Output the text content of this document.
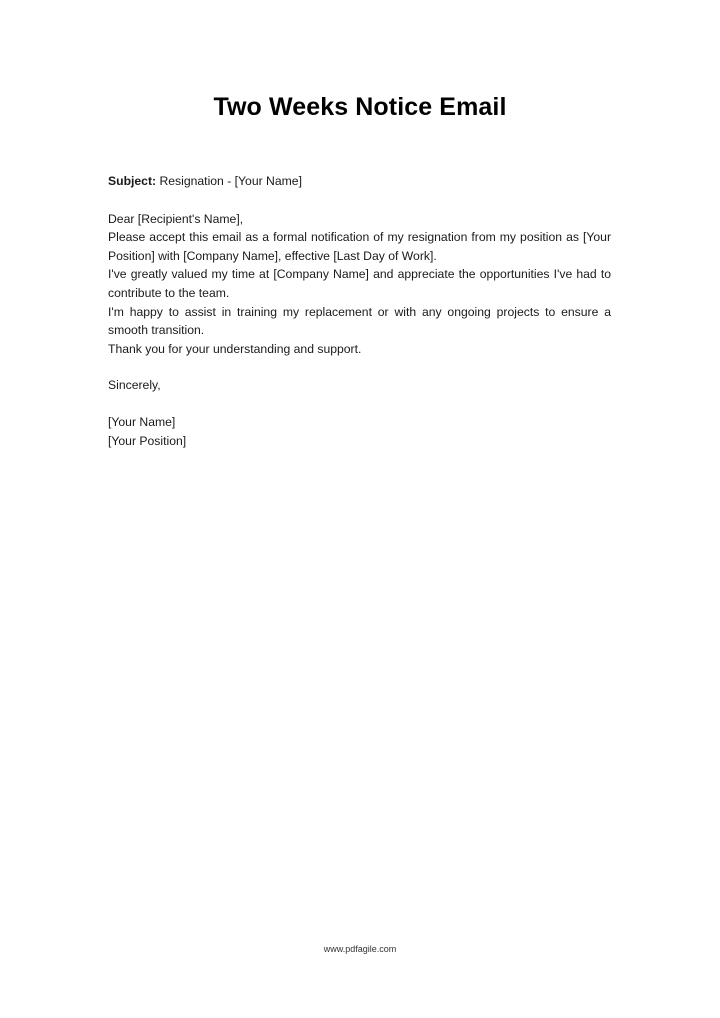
Two Weeks Notice Email

Subject: Resignation - [Your Name]

Dear [Recipient's Name],

Please accept this email as a formal notification of my resignation from my position as [Your Position] with [Company Name], effective [Last Day of Work].

I've greatly valued my time at [Company Name] and appreciate the opportunities I've had to contribute to the team.

I'm happy to assist in training my replacement or with any ongoing projects to ensure a smooth transition.

Thank you for your understanding and support.

Sincerely,

[Your Name]

[Your Position]

www.pdfagile.com
